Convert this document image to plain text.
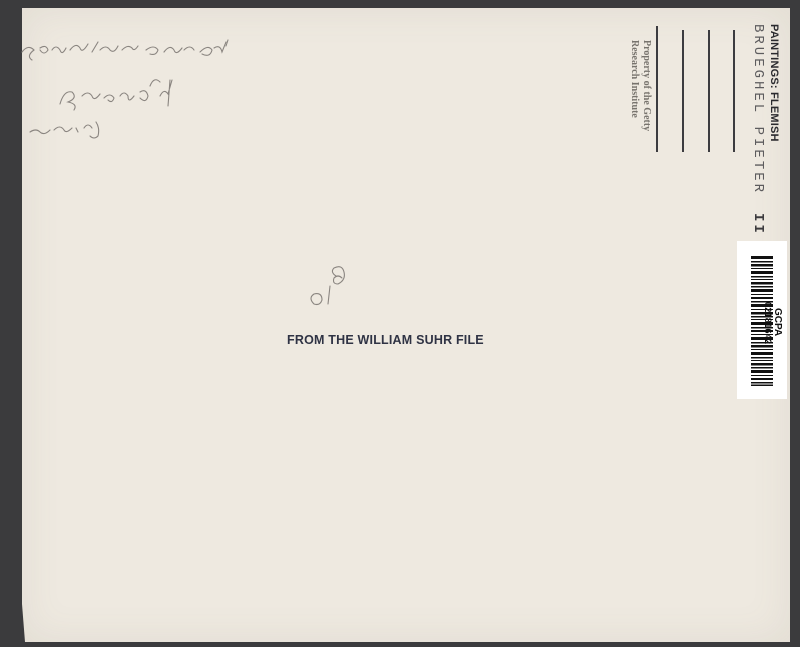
PAINTINGS: FLEMISH
BRUEGHEL PIETERII
Property of the Getty
Research Institute
FROM THE WILLIAM SUHR FILE
GCPA
02181642
